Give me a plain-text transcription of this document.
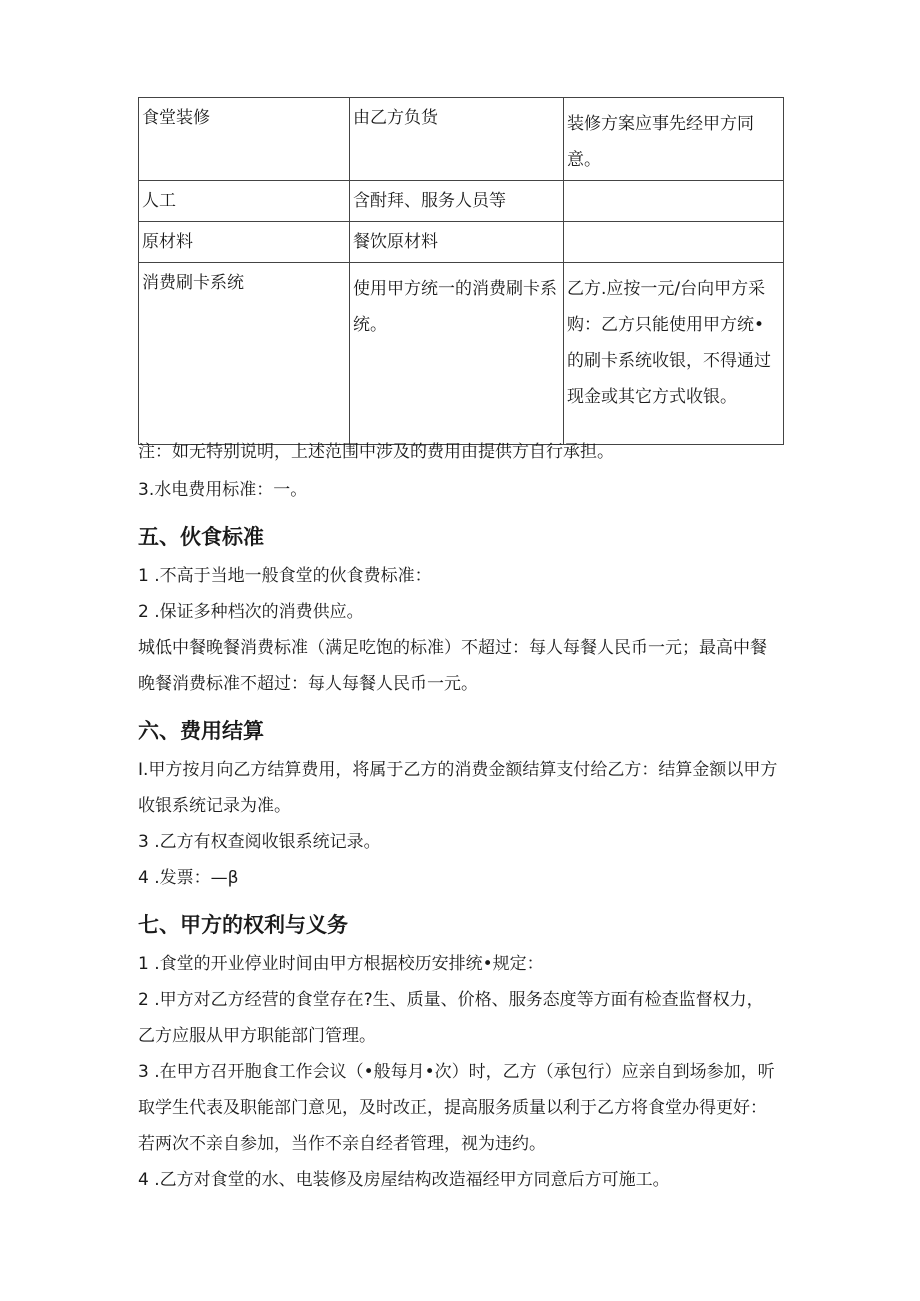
食堂装修	由乙方负货	装修方案应事先经甲方同意。
人工	含酎拜、服务人员等	
原材料	餐饮原材料	
消费刷卡系统	使用甲方统一的消费刷卡系统。	乙方.应按一元/台向甲方采购：乙方只能使用甲方统•的刷卡系统收银，不得通过现金或其它方式收银。
注：如无特别说明，上述范围中涉及的费用由提供方自行承担。
3.水电费用标准：一。
五、伙食标准
1 .不高于当地一般食堂的伙食费标准：
2 .保证多种档次的消费供应。
城低中餐晚餐消费标准（满足吃饱的标准）不超过：每人每餐人民币一元；最高中餐晚餐消费标准不超过：每人每餐人民币一元。
六、费用结算
I.甲方按月向乙方结算费用，将属于乙方的消费金额结算支付给乙方：结算金额以甲方收银系统记录为准。
3 .乙方有权查阅收银系统记录。
4 .发票：—β
七、甲方的权利与义务
1 .食堂的开业停业时间由甲方根据校历安排统•规定：
2 .甲方对乙方经营的食堂存在?生、质量、价格、服务态度等方面有检查监督权力，乙方应服从甲方职能部门管理。
3 .在甲方召开胞食工作会议（•般每月•次）时，乙方（承包行）应亲自到场参加，听取学生代表及职能部门意见，及时改正，提高服务质量以利于乙方将食堂办得更好：若两次不亲自参加，当作不亲自经者管理，视为违约。
4 .乙方对食堂的水、电装修及房屋结构改造福经甲方同意后方可施工。
